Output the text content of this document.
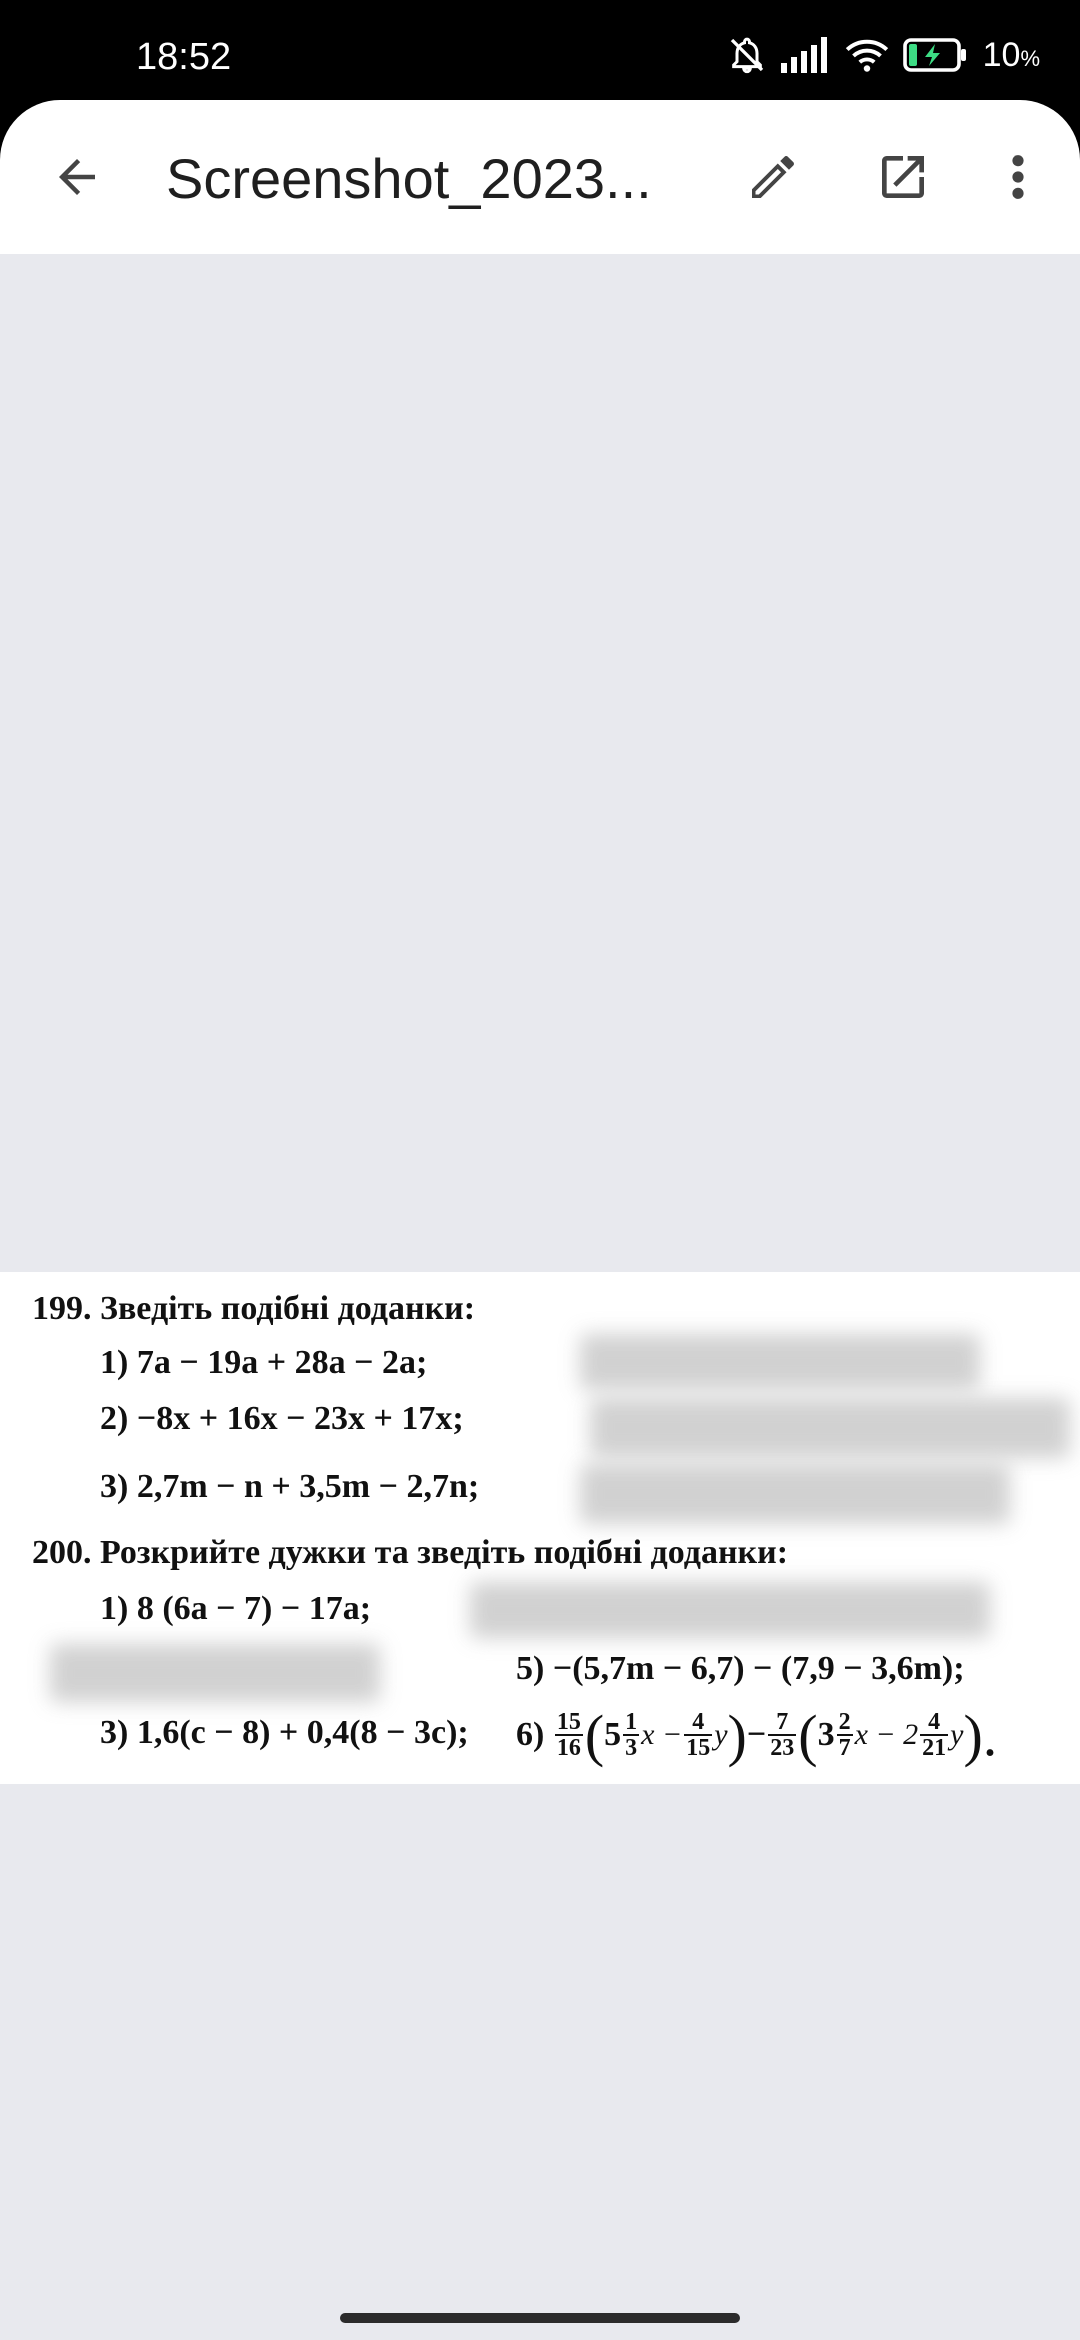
18:52	10%
Screenshot_2023...
199. Зведіть подібні доданки:
1) 7a − 19a + 28a − 2a;
2) −8x + 16x − 23x + 17x;
3) 2,7m − n + 3,5m − 2,7n;
200. Розкрийте дужки та зведіть подібні доданки:
1) 8 (6a − 7) − 17a;
5) −(5,7m − 6,7) − (7,9 − 3,6m);
3) 1,6(c − 8) + 0,4(8 − 3c); 6)
$\frac{15}{16}$ ( $5 \frac{1}{3}$ $x - \frac{4}{15}$ y ) − $\frac{7}{23}$ ( $3 \frac{2}{7}$ $x - 2 \frac{4}{21}$ y ).
